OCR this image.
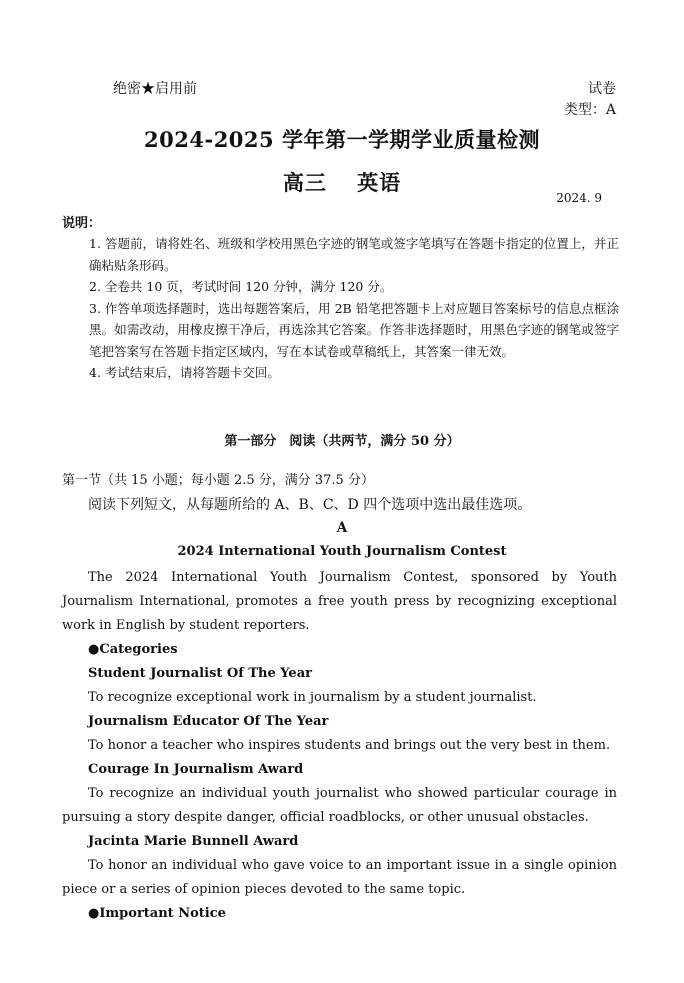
绝密★启用前	试卷
类型：A
2024-2025 学年第一学期学业质量检测
高三　 英语
2024. 9
说明：

1. 答题前，请将姓名、班级和学校用黑色字迹的钢笔或签字笔填写在答题卡指定的位置上，并正确粘贴条形码。

2. 全卷共 10 页，考试时间 120 分钟，满分 120 分。

3. 作答单项选择题时，选出每题答案后，用 2B 铅笔把答题卡上对应题目答案标号的信息点框涂黑。如需改动，用橡皮擦干净后，再选涂其它答案。作答非选择题时，用黑色字迹的钢笔或签字笔把答案写在答题卡指定区域内，写在本试卷或草稿纸上，其答案一律无效。

4. 考试结束后，请将答题卡交回。

第一部分　阅读（共两节，满分 50 分）
第一节（共 15 小题；每小题 2.5 分，满分 37.5 分）
阅读下列短文，从每题所给的 A、B、C、D 四个选项中选出最佳选项。
A
2024 International Youth Journalism Contest

The 2024 International Youth Journalism Contest, sponsored by Youth Journalism International, promotes a free youth press by recognizing exceptional work in English by student reporters.

●Categories

Student Journalist Of The Year

To recognize exceptional work in journalism by a student journalist.

Journalism Educator Of The Year

To honor a teacher who inspires students and brings out the very best in them.

Courage In Journalism Award

To recognize an individual youth journalist who showed particular courage in pursuing a story despite danger, official roadblocks, or other unusual obstacles.

Jacinta Marie Bunnell Award

To honor an individual who gave voice to an important issue in a single opinion piece or a series of opinion pieces devoted to the same topic.

●Important Notice
